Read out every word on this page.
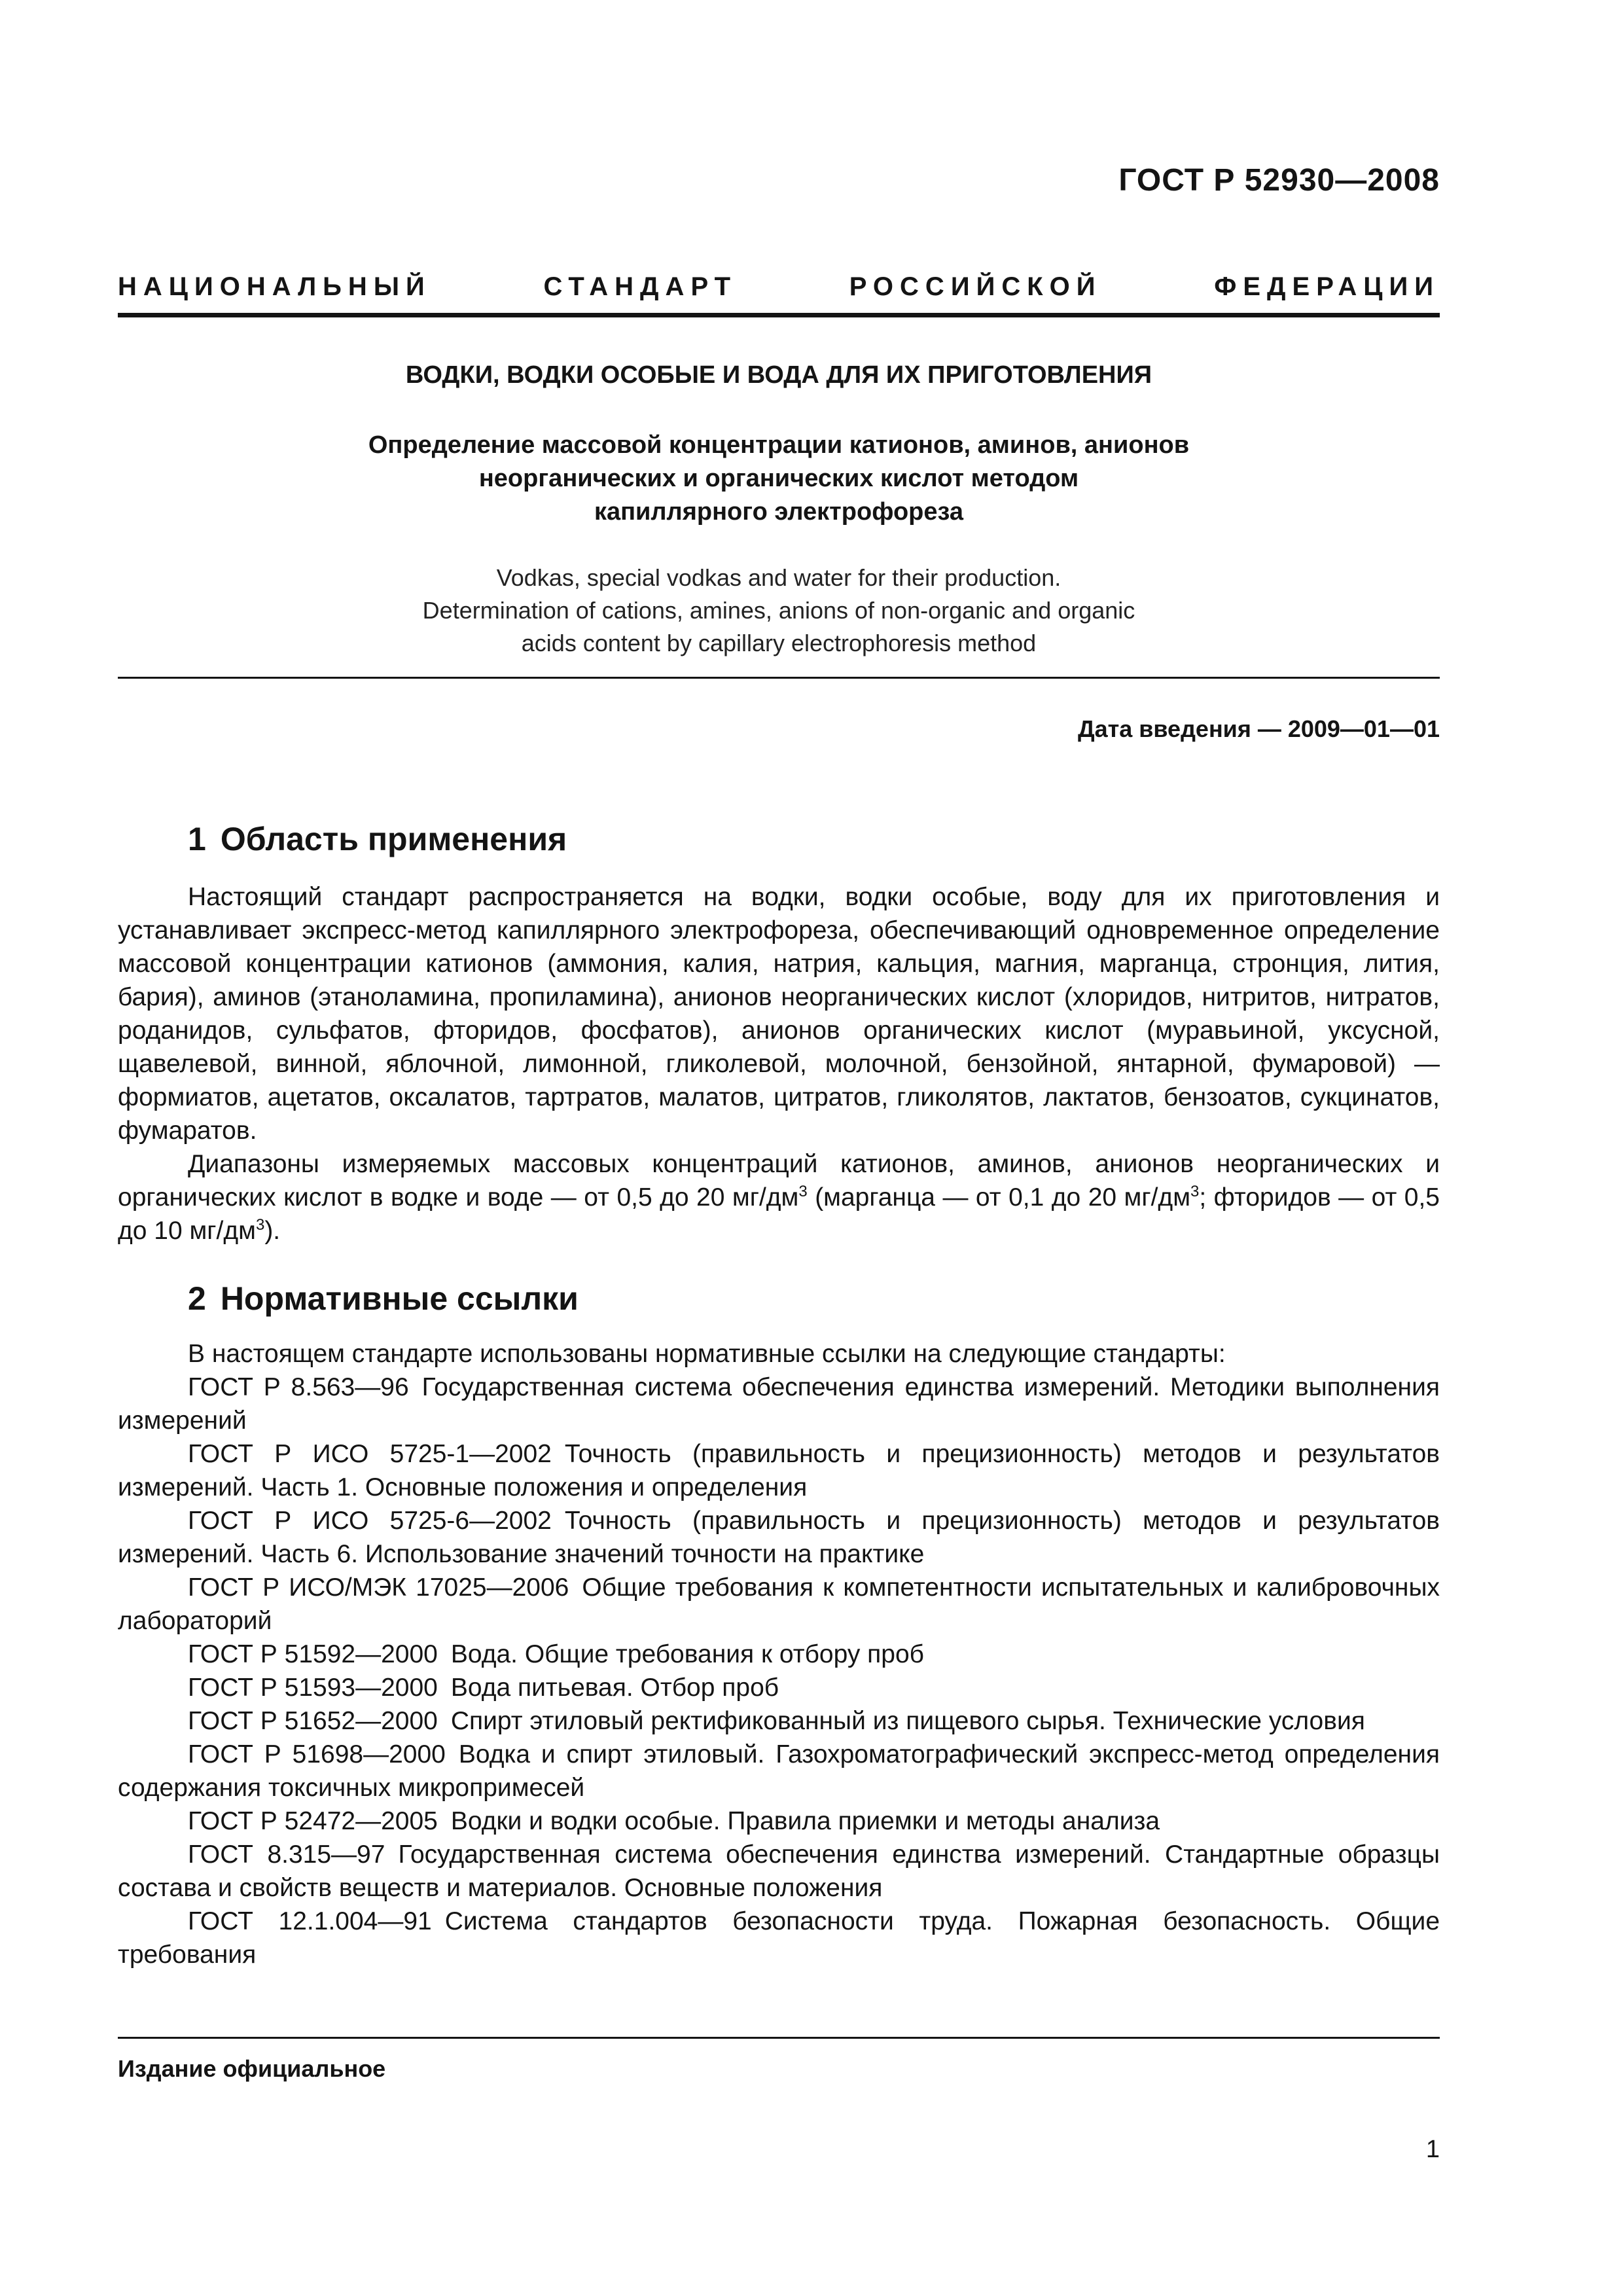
ГОСТ Р 52930—2008
НАЦИОНАЛЬНЫЙ СТАНДАРТ РОССИЙСКОЙ ФЕДЕРАЦИИ
ВОДКИ, ВОДКИ ОСОБЫЕ И ВОДА ДЛЯ ИХ ПРИГОТОВЛЕНИЯ
Определение массовой концентрации катионов, аминов, анионов
неорганических и органических кислот методом
капиллярного электрофореза
Vodkas, special vodkas and water for their production.
Determination of cations, amines, anions of non-organic and organic
acids content by capillary electrophoresis method
Дата введения — 2009—01—01
1 Область применения

Настоящий стандарт распространяется на водки, водки особые, воду для их приготовления и устанавливает экспресс-метод капиллярного электрофореза, обеспечивающий одновременное определение массовой концентрации катионов (аммония, калия, натрия, кальция, магния, марганца, стронция, лития, бария), аминов (этаноламина, пропиламина), анионов неорганических кислот (хлоридов, нитритов, нитратов, роданидов, сульфатов, фторидов, фосфатов), анионов органических кислот (муравьиной, уксусной, щавелевой, винной, яблочной, лимонной, гликолевой, молочной, бензойной, янтарной, фумаровой) — формиатов, ацетатов, оксалатов, тартратов, малатов, цитратов, гликолятов, лактатов, бензоатов, сукцинатов, фумаратов.

Диапазоны измеряемых массовых концентраций катионов, аминов, анионов неорганических и органических кислот в водке и воде — от 0,5 до 20 $мг/дм^3$ (марганца — от 0,1 до 20 $мг/дм^3$; фторидов — от 0,5 до 10 $мг/дм^3$).

2 Нормативные ссылки

В настоящем стандарте использованы нормативные ссылки на следующие стандарты:

ГОСТ Р 8.563—96 Государственная система обеспечения единства измерений. Методики выполнения измерений

ГОСТ Р ИСО 5725-1—2002 Точность (правильность и прецизионность) методов и результатов измерений. Часть 1. Основные положения и определения

ГОСТ Р ИСО 5725-6—2002 Точность (правильность и прецизионность) методов и результатов измерений. Часть 6. Использование значений точности на практике

ГОСТ Р ИСО/МЭК 17025—2006 Общие требования к компетентности испытательных и калибровочных лабораторий

ГОСТ Р 51592—2000 Вода. Общие требования к отбору проб

ГОСТ Р 51593—2000 Вода питьевая. Отбор проб

ГОСТ Р 51652—2000 Спирт этиловый ректификованный из пищевого сырья. Технические условия

ГОСТ Р 51698—2000 Водка и спирт этиловый. Газохроматографический экспресс-метод определения содержания токсичных микропримесей

ГОСТ Р 52472—2005 Водки и водки особые. Правила приемки и методы анализа

ГОСТ 8.315—97 Государственная система обеспечения единства измерений. Стандартные образцы состава и свойств веществ и материалов. Основные положения

ГОСТ 12.1.004—91 Система стандартов безопасности труда. Пожарная безопасность. Общие требования

Издание официальное
1
